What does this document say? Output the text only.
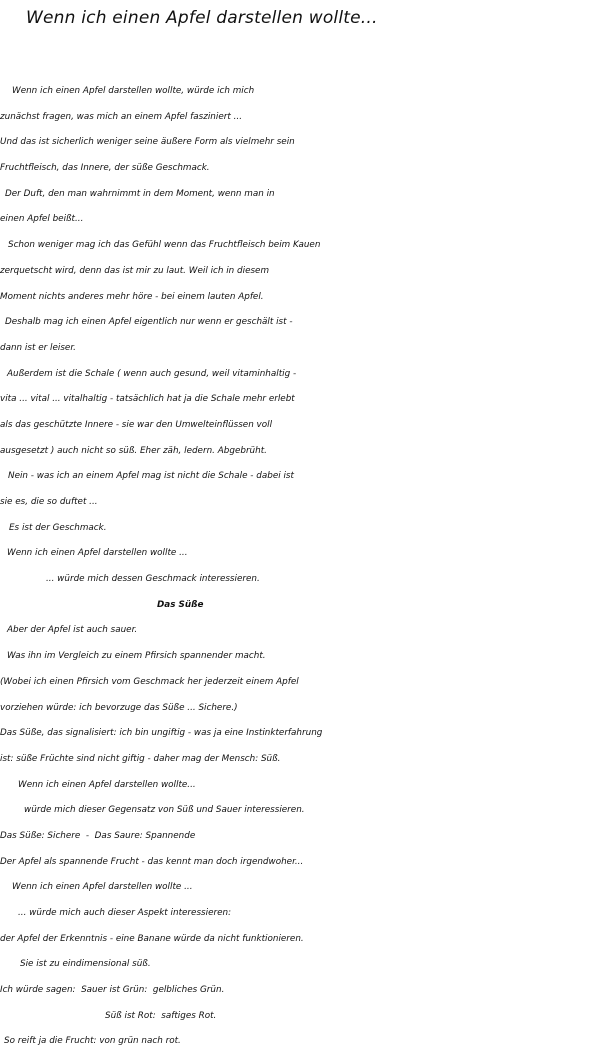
Wenn ich einen Apfel darstellen wollte...
Wenn ich einen Apfel darstellen wollte, würde ich mich
zunächst fragen, was mich an einem Apfel fasziniert ...
Und das ist sicherlich weniger seine äußere Form als vielmehr sein
Fruchtfleisch, das Innere, der süße Geschmack.
Der Duft, den man wahrnimmt in dem Moment, wenn man in
einen Apfel beißt...
Schon weniger mag ich das Gefühl wenn das Fruchtfleisch beim Kauen
zerquetscht wird, denn das ist mir zu laut. Weil ich in diesem
Moment nichts anderes mehr höre - bei einem lauten Apfel.
Deshalb mag ich einen Apfel eigentlich nur wenn er geschält ist -
dann ist er leiser.
Außerdem ist die Schale ( wenn auch gesund, weil vitaminhaltig -
vita ... vital ... vitalhaltig - tatsächlich hat ja die Schale mehr erlebt
als das geschützte Innere - sie war den Umwelteinflüssen voll
ausgesetzt ) auch nicht so süß. Eher zäh, ledern. Abgebrüht.
Nein - was ich an einem Apfel mag ist nicht die Schale - dabei ist
sie es, die so duftet ...
Es ist der Geschmack.
Wenn ich einen Apfel darstellen wollte ...
... würde mich dessen Geschmack interessieren.
Das Süße
Aber der Apfel ist auch sauer.
Was ihn im Vergleich zu einem Pfirsich spannender macht.
(Wobei ich einen Pfirsich vom Geschmack her jederzeit einem Apfel
vorziehen würde: ich bevorzuge das Süße ... Sichere.)
Das Süße, das signalisiert: ich bin ungiftig - was ja eine Instinkterfahrung
ist: süße Früchte sind nicht giftig - daher mag der Mensch: Süß.
Wenn ich einen Apfel darstellen wollte...
würde mich dieser Gegensatz von Süß und Sauer interessieren.
Das Süße: Sichere  -  Das Saure: Spannende
Der Apfel als spannende Frucht - das kennt man doch irgendwoher...
Wenn ich einen Apfel darstellen wollte ...
... würde mich auch dieser Aspekt interessieren:
der Apfel der Erkenntnis - eine Banane würde da nicht funktionieren.
Sie ist zu eindimensional süß.
Ich würde sagen:  Sauer ist Grün:  gelbliches Grün.
Süß ist Rot:  saftiges Rot.
So reift ja die Frucht: von grün nach rot.
